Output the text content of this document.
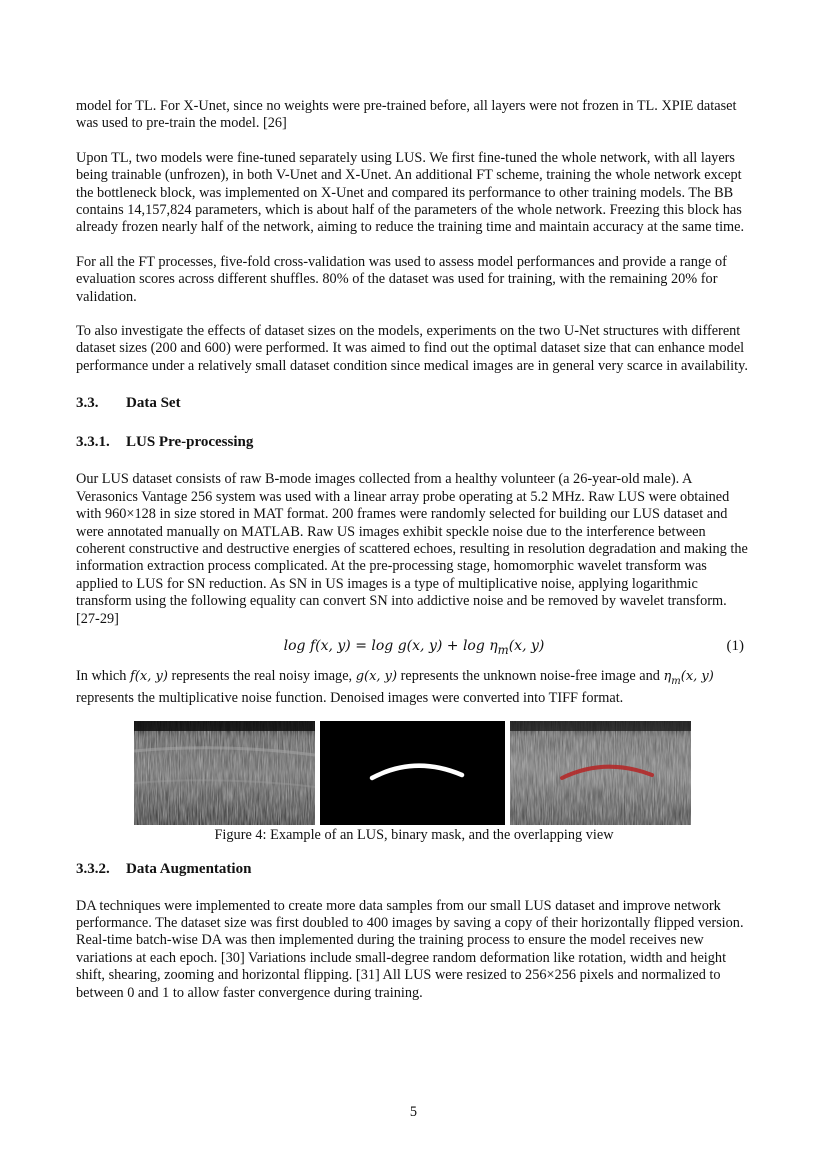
model for TL. For X-Unet, since no weights were pre-trained before, all layers were not frozen in TL. XPIE dataset was used to pre-train the model. [26]

Upon TL, two models were fine-tuned separately using LUS. We first fine-tuned the whole network, with all layers being trainable (unfrozen), in both V-Unet and X-Unet. An additional FT scheme, training the whole network except the bottleneck block, was implemented on X-Unet and compared its performance to other training models. The BB contains 14,157,824 parameters, which is about half of the parameters of the whole network. Freezing this block has already frozen nearly half of the network, aiming to reduce the training time and maintain accuracy at the same time.

For all the FT processes, five-fold cross-validation was used to assess model performances and provide a range of evaluation scores across different shuffles. 80% of the dataset was used for training, with the remaining 20% for validation.

To also investigate the effects of dataset sizes on the models, experiments on the two U-Net structures with different dataset sizes (200 and 600) were performed. It was aimed to find out the optimal dataset size that can enhance model performance under a relatively small dataset condition since medical images are in general very scarce in availability.

3.3. Data Set
3.3.1. LUS Pre-processing

Our LUS dataset consists of raw B-mode images collected from a healthy volunteer (a 26-year-old male). A Verasonics Vantage 256 system was used with a linear array probe operating at 5.2 MHz. Raw LUS were obtained with 960×128 in size stored in MAT format. 200 frames were randomly selected for building our LUS dataset and were annotated manually on MATLAB. Raw US images exhibit speckle noise due to the interference between coherent constructive and destructive energies of scattered echoes, resulting in resolution degradation and making the information extraction process complicated. At the pre-processing stage, homomorphic wavelet transform was applied to LUS for SN reduction. As SN in US images is a type of multiplicative noise, applying logarithmic transform using the following equality can convert SN into addictive noise and be removed by wavelet transform. [27-29]

log f(x, y) = log g(x, $y) + \log \eta_m(x$, y)	(1)

In which f(x, y) represents the real noisy image, g(x, y) represents the unknown noise-free image and $\eta_m(x$, y) represents the multiplicative noise function. Denoised images were converted into TIFF format.

Figure 4: Example of an LUS, binary mask, and the overlapping view
3.3.2. Data Augmentation

DA techniques were implemented to create more data samples from our small LUS dataset and improve network performance. The dataset size was first doubled to 400 images by saving a copy of their horizontally flipped version. Real-time batch-wise DA was then implemented during the training process to ensure the model receives new variations at each epoch. [30] Variations include small-degree random deformation like rotation, width and height shift, shearing, zooming and horizontal flipping. [31] All LUS were resized to 256×256 pixels and normalized to between 0 and 1 to allow faster convergence during training.

5
